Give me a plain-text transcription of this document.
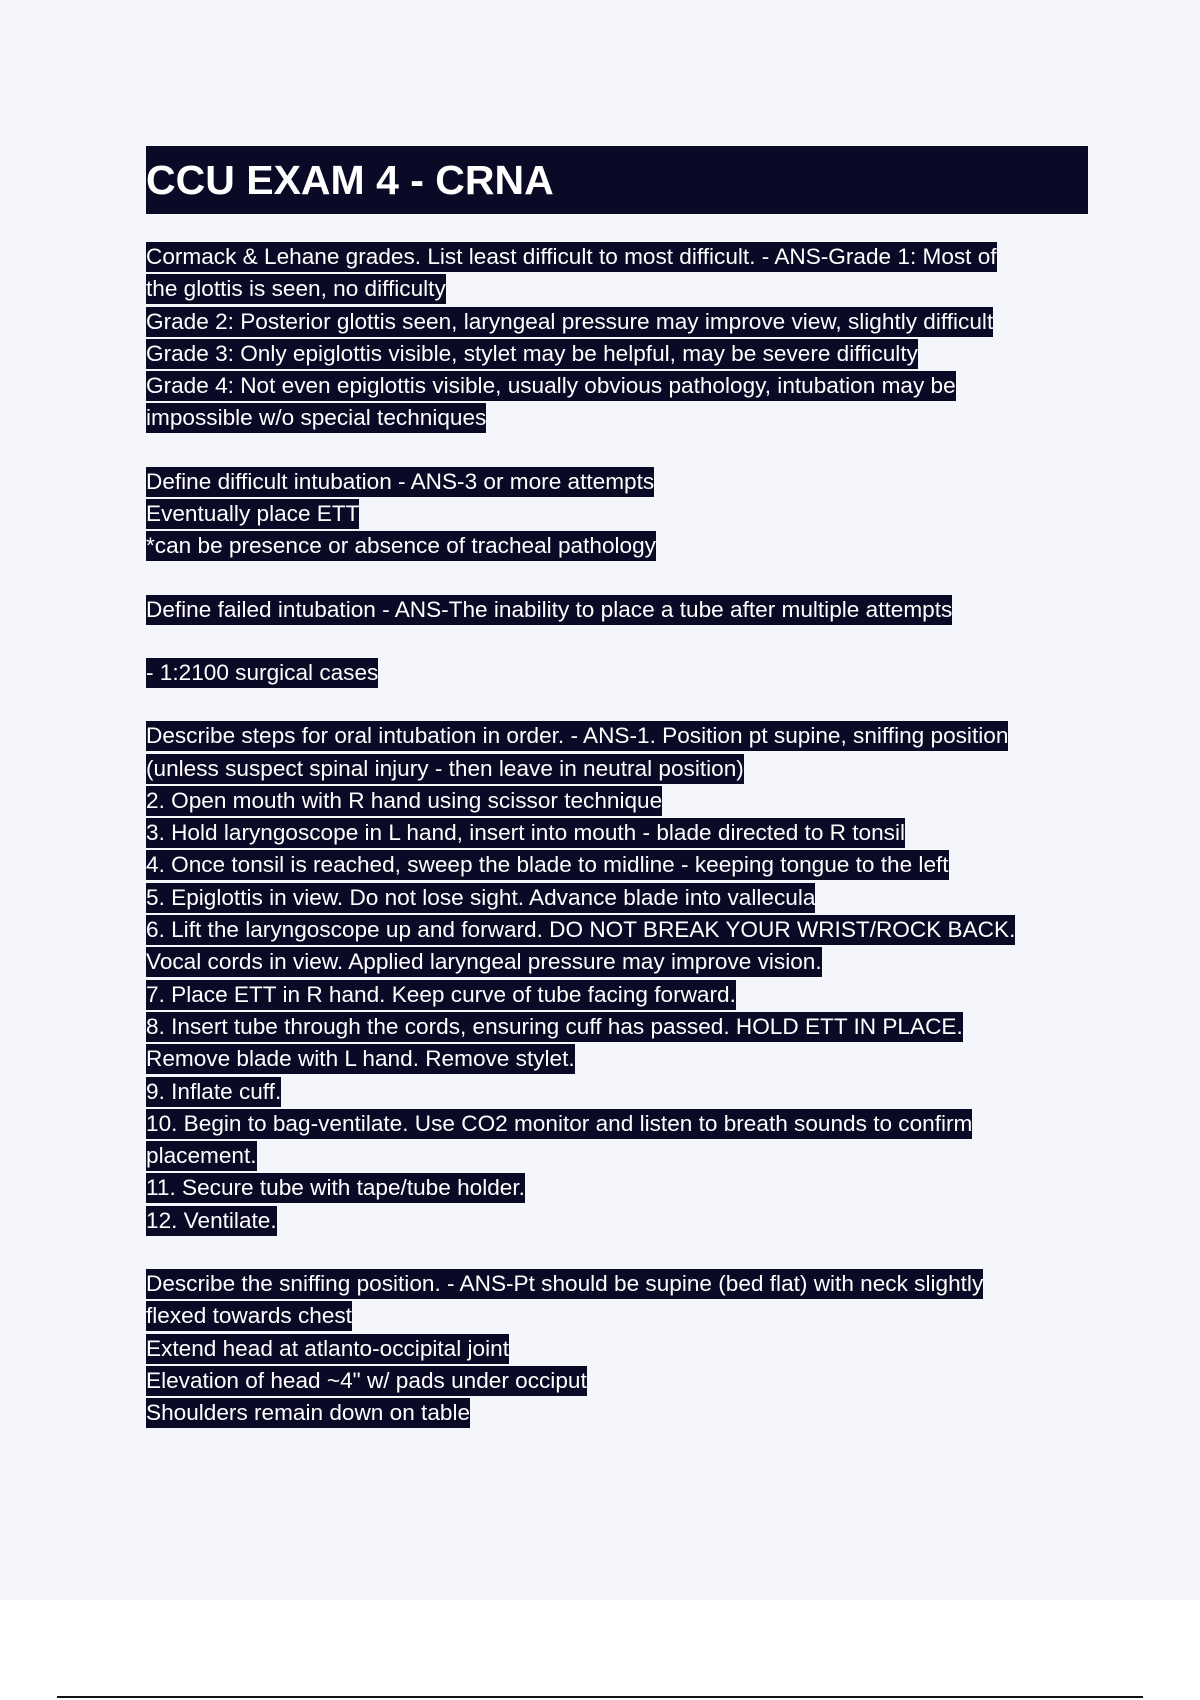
CCU EXAM 4 - CRNA
Cormack & Lehane grades. List least difficult to most difficult. - ANS-Grade 1: Most of
the glottis is seen, no difficulty
Grade 2: Posterior glottis seen, laryngeal pressure may improve view, slightly difficult
Grade 3: Only epiglottis visible, stylet may be helpful, may be severe difficulty
Grade 4: Not even epiglottis visible, usually obvious pathology, intubation may be
impossible w/o special techniques
Define difficult intubation - ANS-3 or more attempts
Eventually place ETT
*can be presence or absence of tracheal pathology
Define failed intubation - ANS-The inability to place a tube after multiple attempts
- 1:2100 surgical cases
Describe steps for oral intubation in order. - ANS-1. Position pt supine, sniffing position
(unless suspect spinal injury - then leave in neutral position)
2. Open mouth with R hand using scissor technique
3. Hold laryngoscope in L hand, insert into mouth - blade directed to R tonsil
4. Once tonsil is reached, sweep the blade to midline - keeping tongue to the left
5. Epiglottis in view. Do not lose sight. Advance blade into vallecula
6. Lift the laryngoscope up and forward. DO NOT BREAK YOUR WRIST/ROCK BACK.
Vocal cords in view. Applied laryngeal pressure may improve vision.
7. Place ETT in R hand. Keep curve of tube facing forward.
8. Insert tube through the cords, ensuring cuff has passed. HOLD ETT IN PLACE.
Remove blade with L hand. Remove stylet.
9. Inflate cuff.
10. Begin to bag-ventilate. Use CO2 monitor and listen to breath sounds to confirm
placement.
11. Secure tube with tape/tube holder.
12. Ventilate.
Describe the sniffing position. - ANS-Pt should be supine (bed flat) with neck slightly
flexed towards chest
Extend head at atlanto-occipital joint
Elevation of head ~4" w/ pads under occiput
Shoulders remain down on table
